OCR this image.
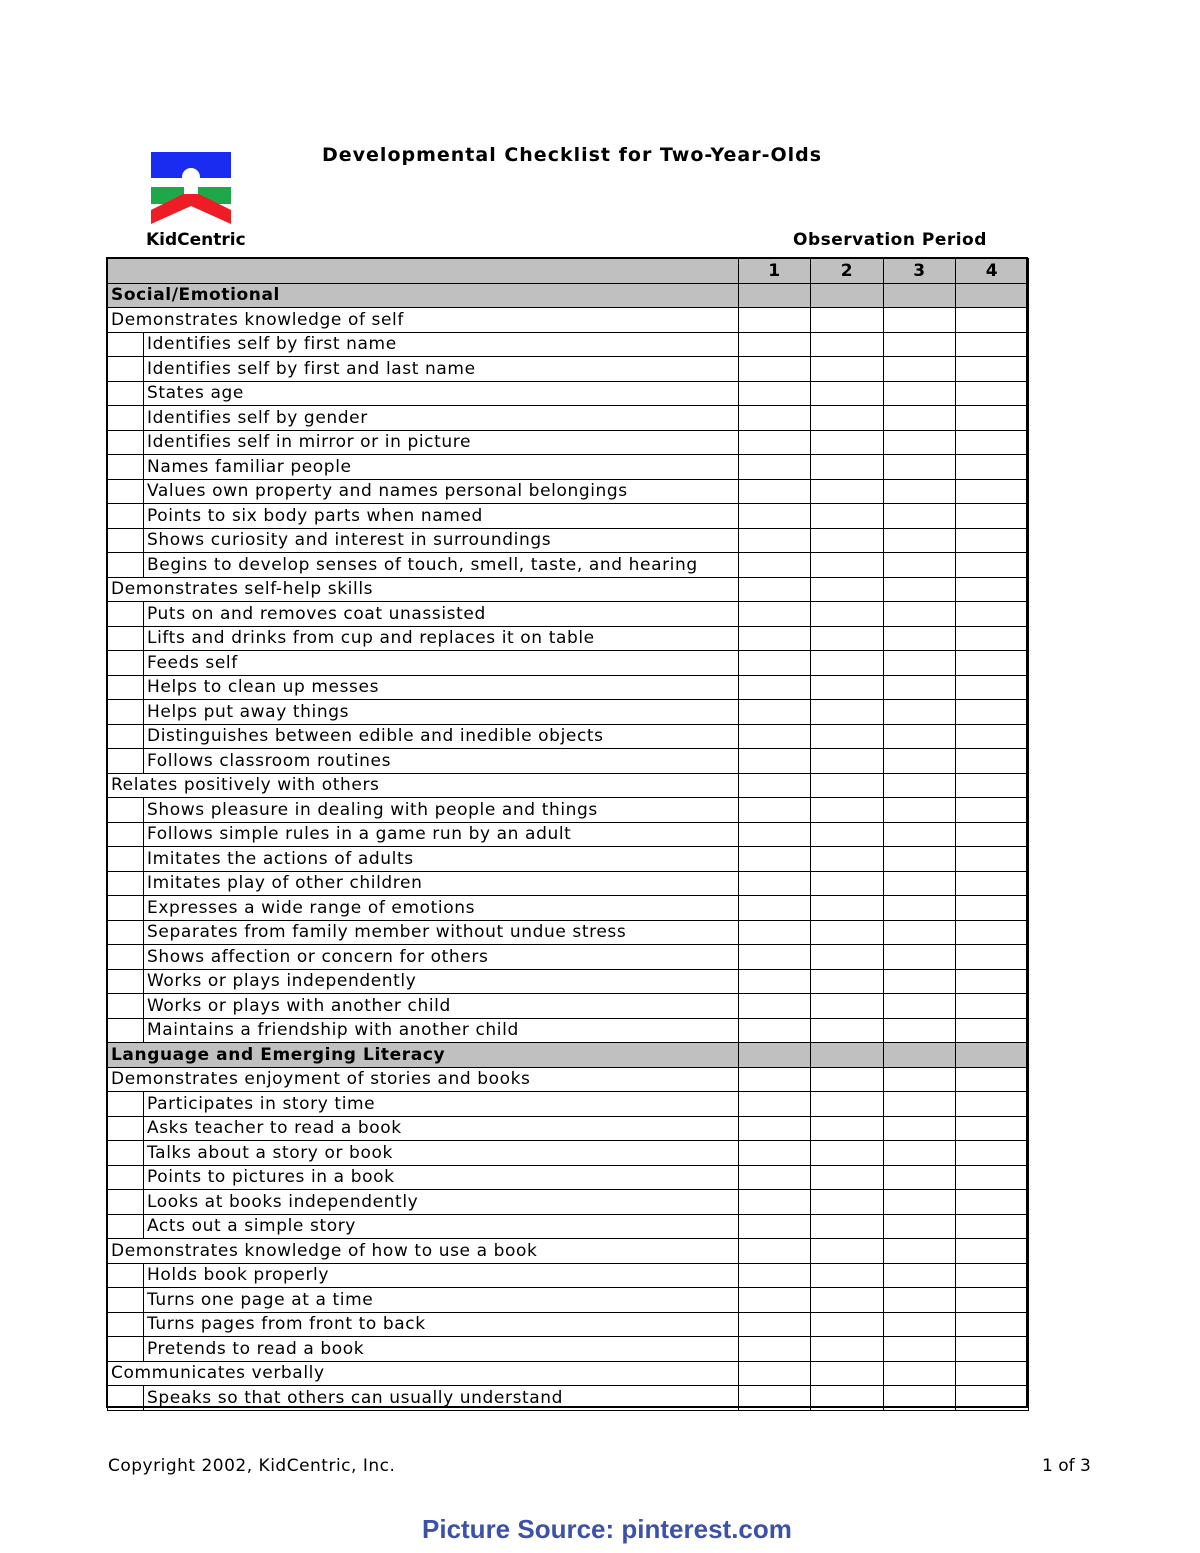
KidCentric
Developmental Checklist for Two-Year-Olds
Observation Period
		1	2	3	4
Social/Emotional					
Demonstrates knowledge of self					
	Identifies self by first name				
	Identifies self by first and last name				
	States age				
	Identifies self by gender				
	Identifies self in mirror or in picture				
	Names familiar people				
	Values own property and names personal belongings				
	Points to six body parts when named				
	Shows curiosity and interest in surroundings				
	Begins to develop senses of touch, smell, taste, and hearing				
Demonstrates self-help skills					
	Puts on and removes coat unassisted				
	Lifts and drinks from cup and replaces it on table				
	Feeds self				
	Helps to clean up messes				
	Helps put away things				
	Distinguishes between edible and inedible objects				
	Follows classroom routines				
Relates positively with others					
	Shows pleasure in dealing with people and things				
	Follows simple rules in a game run by an adult				
	Imitates the actions of adults				
	Imitates play of other children				
	Expresses a wide range of emotions				
	Separates from family member without undue stress				
	Shows affection or concern for others				
	Works or plays independently				
	Works or plays with another child				
	Maintains a friendship with another child				
Language and Emerging Literacy					
Demonstrates enjoyment of stories and books					
	Participates in story time				
	Asks teacher to read a book				
	Talks about a story or book				
	Points to pictures in a book				
	Looks at books independently				
	Acts out a simple story				
Demonstrates knowledge of how to use a book					
	Holds book properly				
	Turns one page at a time				
	Turns pages from front to back				
	Pretends to read a book				
Communicates verbally					
	Speaks so that others can usually understand				
Copyright 2002, KidCentric, Inc.	1 of 3
Picture Source: pinterest.com
